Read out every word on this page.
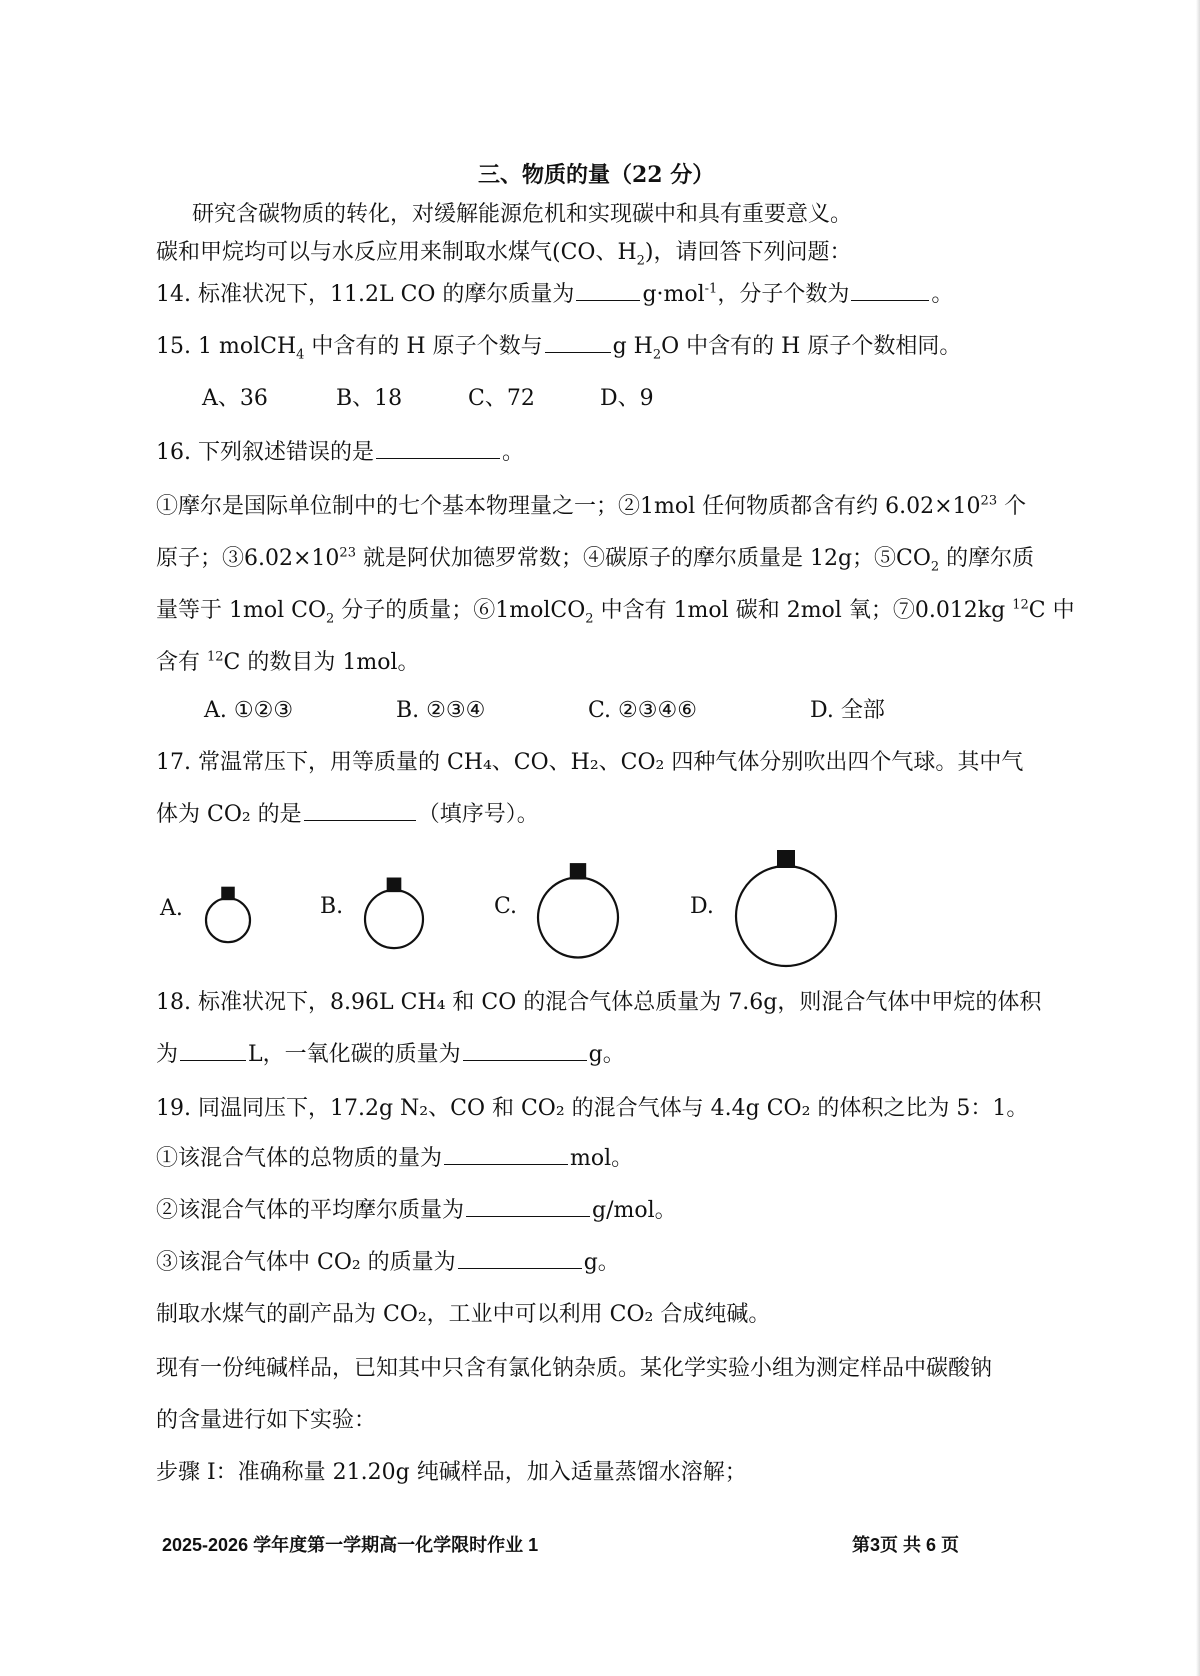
三、物质的量（22 分）
研究含碳物质的转化，对缓解能源危机和实现碳中和具有重要意义。
碳和甲烷均可以与水反应用来制取水煤气(CO、$H_2$)，请回答下列问题：
14. 标准状况下，11.2L CO 的摩尔质量为	g·mol$^{-1}$，分子个数为	。
15. 1 molCH$_4$ 中含有的 H 原子个数与	g $H_2O$ 中含有的 H 原子个数相同。
A、36	B、18	C、72	D、9
16. 下列叙述错误的是	。
①摩尔是国际单位制中的七个基本物理量之一；②1mol 任何物质都含有约 $6.02\times 10^{23}$ 个
原子；$③6.02\times 10^{23}$ 就是阿伏加德罗常数；④碳原子的摩尔质量是 12g；$⑤CO_2$ 的摩尔质
量等于 1mol $CO_2$ 分子的质量；⑥1molCO$_2$ 中含有 1mol 碳和 2mol 氧；⑦0.012kg $^{12}$C 中
含有 $^{12}$C 的数目为 1mol。
A. ①②③	B. ②③④	C. ②③④⑥	D. 全部
17. 常温常压下，用等质量的 CH₄、CO、H₂、CO₂ 四种气体分别吹出四个气球。其中气
体为 CO₂ 的是	（填序号）。
A.	B.	C.	D.
18. 标准状况下，8.96L CH₄ 和 CO 的混合气体总质量为 7.6g，则混合气体中甲烷的体积
为	L，一氧化碳的质量为	g。
19. 同温同压下，17.2g N₂、CO 和 CO₂ 的混合气体与 4.4g CO₂ 的体积之比为 5：1。
①该混合气体的总物质的量为	mol。
②该混合气体的平均摩尔质量为	g/mol。
③该混合气体中 CO₂ 的质量为	g。
制取水煤气的副产品为 CO₂，工业中可以利用 CO₂ 合成纯碱。
现有一份纯碱样品，已知其中只含有氯化钠杂质。某化学实验小组为测定样品中碳酸钠
的含量进行如下实验：
步骤 I：准确称量 21.20g 纯碱样品，加入适量蒸馏水溶解；
2025-2026 学年度第一学期高一化学限时作业 1	第3页 共 6 页
